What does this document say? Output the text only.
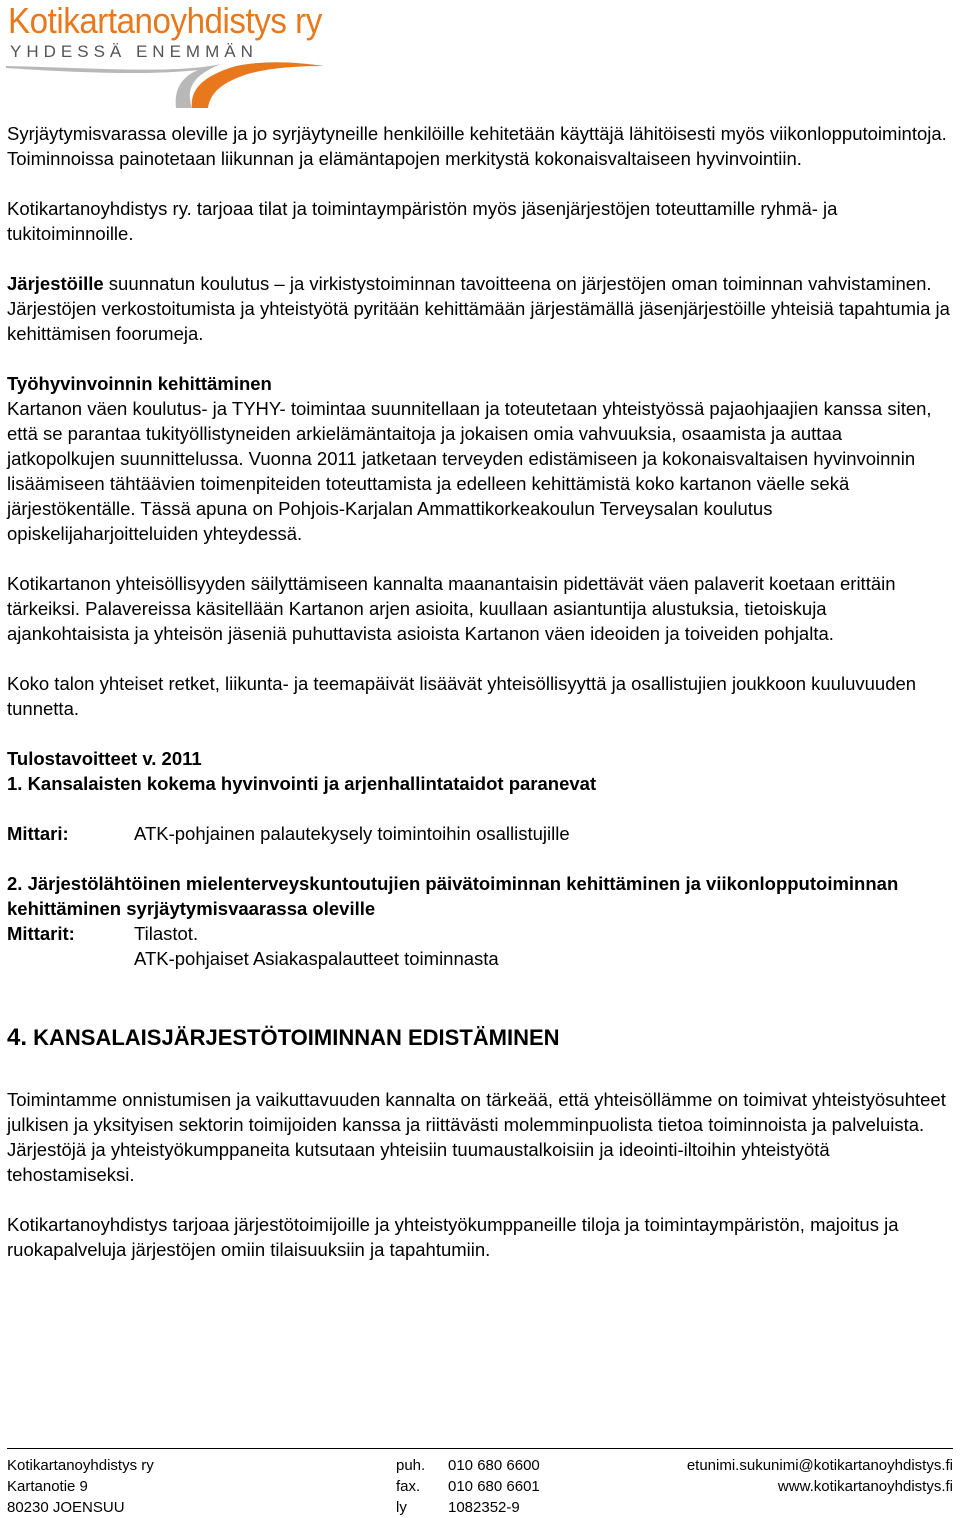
Kotikartanoyhdistys ry
YHDESSÄ ENEMMÄN

Syrjäytymisvarassa oleville ja jo syrjäytyneille henkilöille kehitetään käyttäjä lähitöisesti myös viikonlopputoimintoja. Toiminnoissa painotetaan liikunnan ja elämäntapojen merkitystä kokonaisvaltaiseen hyvinvointiin.

Kotikartanoyhdistys ry. tarjoaa tilat ja toimintaympäristön myös jäsenjärjestöjen toteuttamille ryhmä- ja tukitoiminnoille.

Järjestöille suunnatun koulutus – ja virkistystoiminnan tavoitteena on järjestöjen oman toiminnan vahvistaminen. Järjestöjen verkostoitumista ja yhteistyötä pyritään kehittämään järjestämällä jäsenjärjestöille yhteisiä tapahtumia ja kehittämisen foorumeja.

Työhyvinvoinnin kehittäminen

Kartanon väen koulutus- ja TYHY- toimintaa suunnitellaan ja toteutetaan yhteistyössä pajaohjaajien kanssa siten, että se parantaa tukityöllistyneiden arkielämäntaitoja ja jokaisen omia vahvuuksia, osaamista ja auttaa jatkopolkujen suunnittelussa. Vuonna 2011 jatketaan terveyden edistämiseen ja kokonaisvaltaisen hyvinvoinnin lisäämiseen tähtäävien toimenpiteiden toteuttamista ja edelleen kehittämistä koko kartanon väelle sekä järjestökentälle. Tässä apuna on Pohjois-Karjalan Ammattikorkeakoulun Terveysalan koulutus opiskelijaharjoitteluiden yhteydessä.

Kotikartanon yhteisöllisyyden säilyttämiseen kannalta maanantaisin pidettävät väen palaverit koetaan erittäin tärkeiksi. Palavereissa käsitellään Kartanon arjen asioita, kuullaan asiantuntija alustuksia, tietoiskuja ajankohtaisista ja yhteisön jäseniä puhuttavista asioista Kartanon väen ideoiden ja toiveiden pohjalta.

Koko talon yhteiset retket, liikunta- ja teemapäivät lisäävät yhteisöllisyyttä ja osallistujien joukkoon kuuluvuuden tunnetta.

Tulostavoitteet v. 2011

1. Kansalaisten kokema hyvinvointi ja arjenhallintataidot paranevat

Mittari:	ATK-pohjainen palautekysely toimintoihin osallistujille

2. Järjestölähtöinen mielenterveyskuntoutujien päivätoiminnan kehittäminen ja viikonlopputoiminnan kehittäminen syrjäytymisvaarassa oleville

Mittarit:	Tilastot.
ATK-pohjaiset Asiakaspalautteet toiminnasta

4. KANSALAISJÄRJESTÖTOIMINNAN EDISTÄMINEN

Toimintamme onnistumisen ja vaikuttavuuden kannalta on tärkeää, että yhteisöllämme on toimivat yhteistyösuhteet julkisen ja yksityisen sektorin toimijoiden kanssa ja riittävästi molemminpuolista tietoa toiminnoista ja palveluista. Järjestöjä ja yhteistyökumppaneita kutsutaan yhteisiin tuumaustalkoisiin ja ideointi-iltoihin yhteistyötä tehostamiseksi.

Kotikartanoyhdistys tarjoaa järjestötoimijoille ja yhteistyökumppaneille tiloja ja toimintaympäristön, majoitus ja ruokapalveluja järjestöjen omiin tilaisuuksiin ja tapahtumiin.

Kotikartanoyhdistys ry
Kartanotie 9
80230 JOENSUU
puh.
fax.
ly
010 680 6600
010 680 6601
1082352-9
etunimi.sukunimi@kotikartanoyhdistys.fi
www.kotikartanoyhdistys.fi
